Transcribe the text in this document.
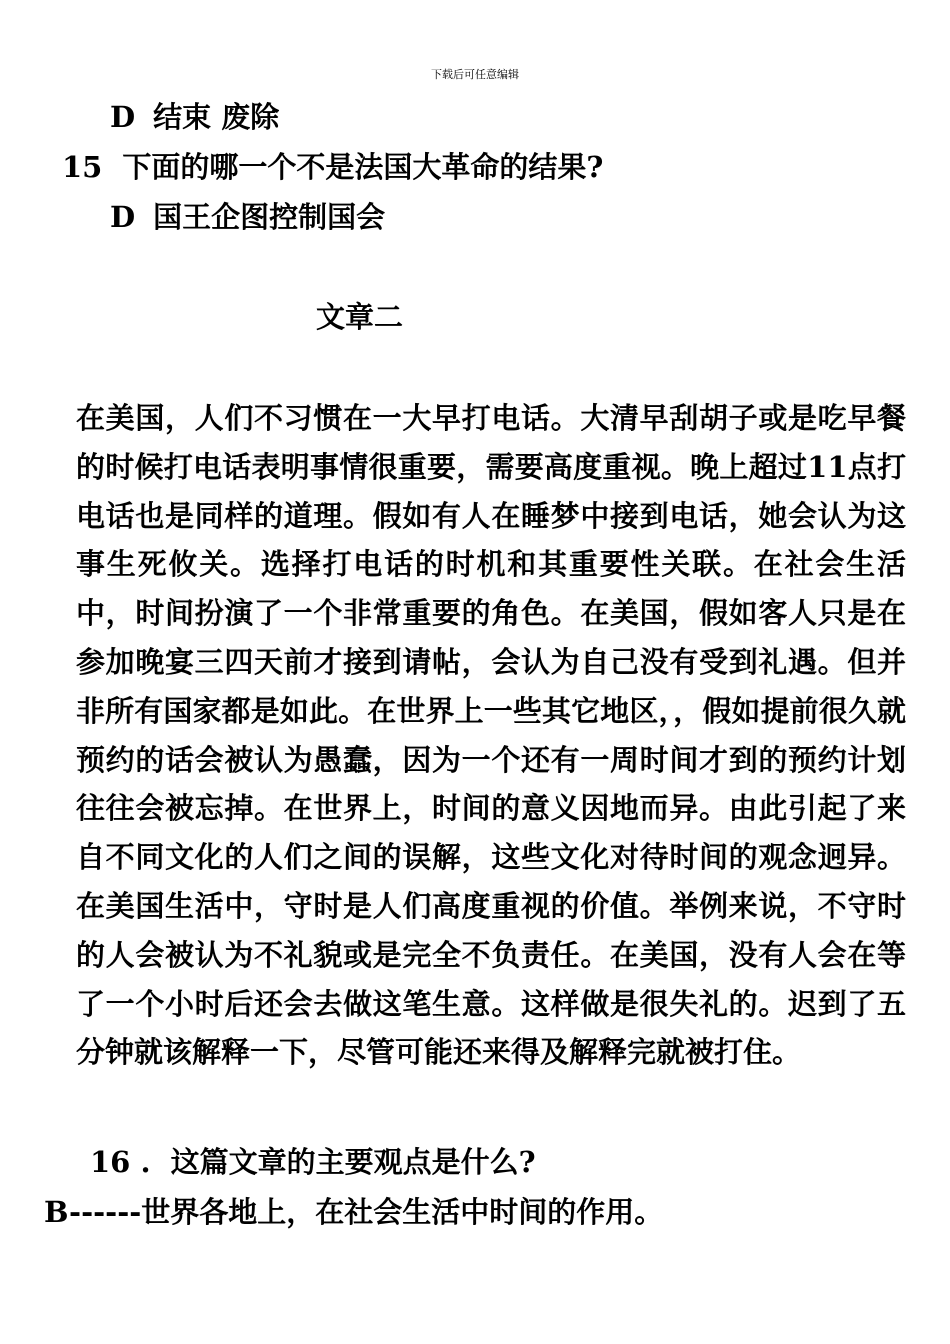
下载后可任意编辑
D 结束 废除
15 下面的哪一个不是法国大革命的结果?
D 国王企图控制国会
文章二
在美国，人们不习惯在一大早打电话。大清早刮胡子或是吃早餐的时候打电话表明事情很重要，需要高度重视。晚上超过11点打电话也是同样的道理。假如有人在睡梦中接到电话，她会认为这事生死攸关。选择打电话的时机和其重要性关联。在社会生活中，时间扮演了一个非常重要的角色。在美国，假如客人只是在参加晚宴三四天前才接到请帖，会认为自己没有受到礼遇。但并非所有国家都是如此。在世界上一些其它地区，，假如提前很久就预约的话会被认为愚蠢，因为一个还有一周时间才到的预约计划往往会被忘掉。在世界上，时间的意义因地而异。由此引起了来自不同文化的人们之间的误解，这些文化对待时间的观念迥异。在美国生活中，守时是人们高度重视的价值。举例来说，不守时的人会被认为不礼貌或是完全不负责任。在美国，没有人会在等了一个小时后还会去做这笔生意。这样做是很失礼的。迟到了五分钟就该解释一下，尽管可能还来得及解释完就被打住。
16 . 这篇文章的主要观点是什么?
B------世界各地上，在社会生活中时间的作用。
